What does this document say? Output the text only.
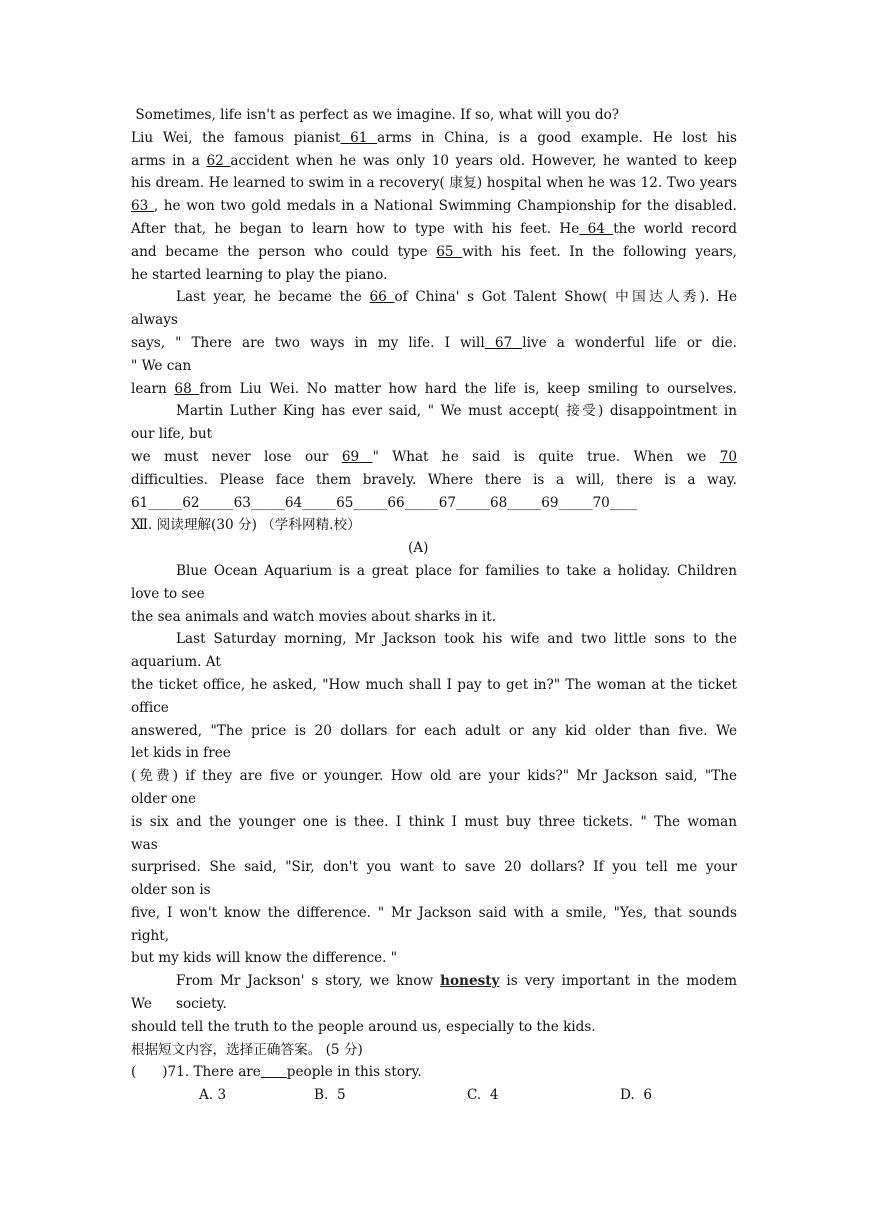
Sometimes, life isn't as perfect as we imagine. If so, what will you do?
Liu Wei, the famous pianist 61 arms in China, is a good example. He lost his
arms in a 62 accident when he was only 10 years old. However, he wanted to keep
his dream. He learned to swim in a recovery( 康复) hospital when he was 12. Two years
63 , he won two gold medals in a National Swimming Championship for the disabled.
After that, he began to learn how to type with his feet. He 64 the world record
and became the person who could type 65 with his feet. In the following years,
he started learning to play the piano.
Last year, he became the 66 of China' s Got Talent Show( 中国达人秀). He
always
says, " There are two ways in my life. I will 67 live a wonderful life or die.
" We can
learn 68 from Liu Wei. No matter how hard the life is, keep smiling to ourselves.
Martin Luther King has ever said, " We must accept( 接受) disappointment in
our life, but
we must never lose our 69 " What he said is quite true. When we 70
difficulties. Please face them bravely. Where there is a will, there is a way.
61_____62_____63_____64_____65_____66_____67_____68_____69_____70____
Ⅻ. 阅读理解(30 分) （学科网精.校）
(A)
Blue Ocean Aquarium is a great place for families to take a holiday. Children
love to see
the sea animals and watch movies about sharks in it.
Last Saturday morning, Mr Jackson took his wife and two little sons to the
aquarium. At
the ticket office, he asked, "How much shall I pay to get in?" The woman at the ticket
office
answered, "The price is 20 dollars for each adult or any kid older than five. We
let kids in free
(免费) if they are five or younger. How old are your kids?" Mr Jackson said, "The
older one
is six and the younger one is thee. I think I must buy three tickets. " The woman
was
surprised. She said, "Sir, don't you want to save 20 dollars? If you tell me your
older son is
five, I won't know the difference. " Mr Jackson said with a smile, "Yes, that sounds
right,
but my kids will know the difference. "
From Mr Jackson' s story, we know honesty is very important in the modem society.
We
should tell the truth to the people around us, especially to the kids.
根据短文内容，选择正确答案。 (5 分)
(      )71. There are people in this story.
A. 3	B.  5	C.  4	D.  6
